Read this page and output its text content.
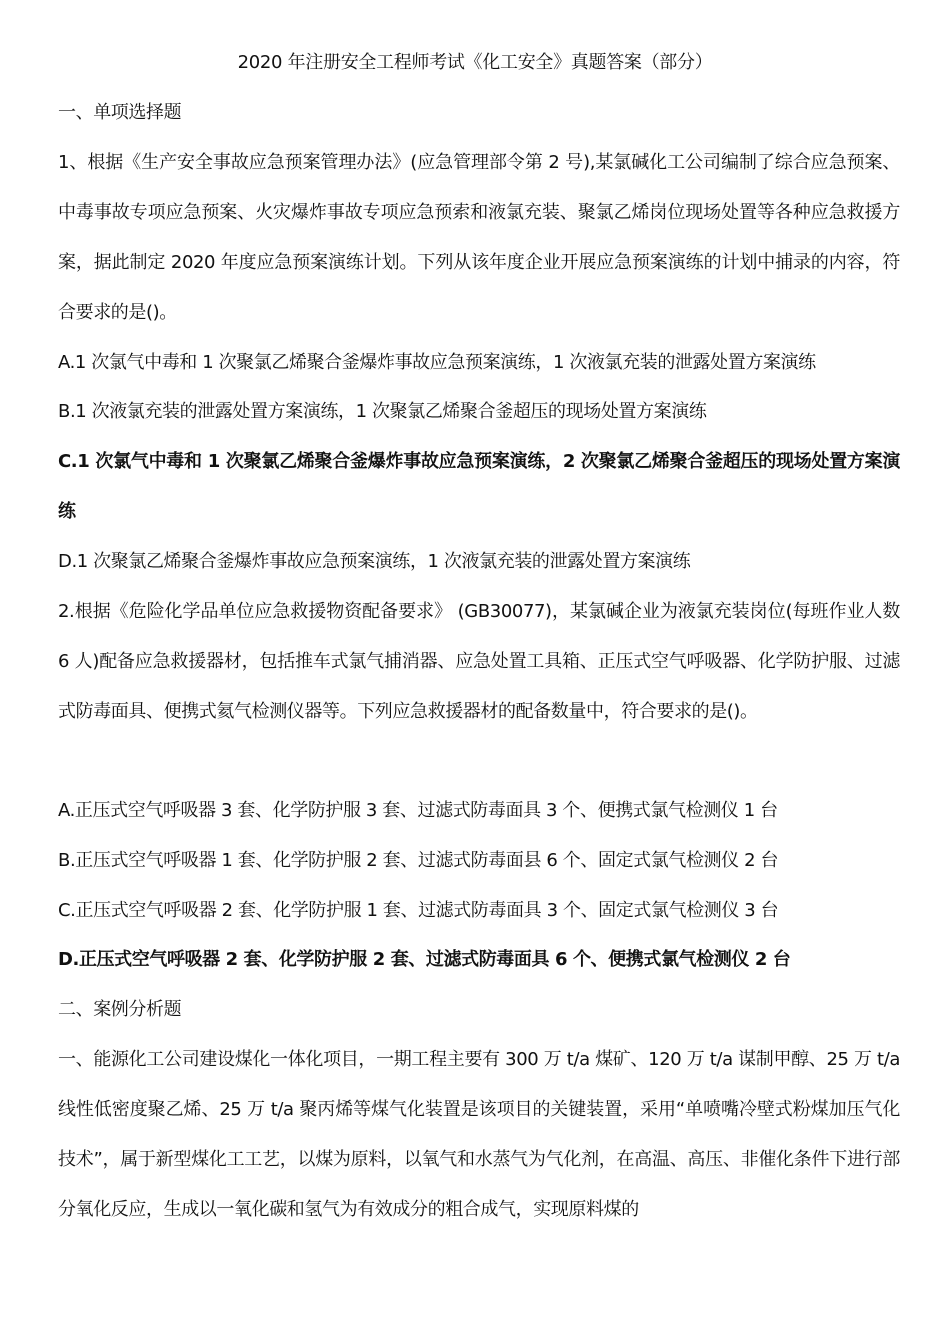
2020 年注册安全工程师考试《化工安全》真题答案（部分）

一、单项选择题

1、根据《生产安全事故应急预案管理办法》(应急管理部令第 2 号),某氯碱化工公司编制了综合应急预案、中毒事故专项应急预案、火灾爆炸事故专项应急预索和液氯充装、聚氯乙烯岗位现场处置等各种应急救援方案，据此制定 2020 年度应急预案演练计划。下列从该年度企业开展应急预案演练的计划中捕录的内容，符合要求的是()。

A.1 次氯气中毒和 1 次聚氯乙烯聚合釜爆炸事故应急预案演练，1 次液氯充装的泄露处置方案演练

B.1 次液氯充装的泄露处置方案演练，1 次聚氯乙烯聚合釜超压的现场处置方案演练

C.1 次氯气中毒和 1 次聚氯乙烯聚合釜爆炸事故应急预案演练，2 次聚氯乙烯聚合釜超压的现场处置方案演练

D.1 次聚氯乙烯聚合釜爆炸事故应急预案演练，1 次液氯充装的泄露处置方案演练

2.根据《危险化学品单位应急救援物资配备要求》 (GB30077)，某氯碱企业为液氯充装岗位(每班作业人数 6 人)配备应急救援器材，包括推车式氯气捕消器、应急处置工具箱、正压式空气呼吸器、化学防护服、过滤式防毒面具、便携式氦气检测仪器等。下列应急救援器材的配备数量中，符合要求的是()。

A.正压式空气呼吸器 3 套、化学防护服 3 套、过滤式防毒面具 3 个、便携式氯气检测仪 1 台

B.正压式空气呼吸器 1 套、化学防护服 2 套、过滤式防毒面县 6 个、固定式氯气检测仪 2 台

C.正压式空气呼吸器 2 套、化学防护服 1 套、过滤式防毒面具 3 个、固定式氯气检测仪 3 台

D.正压式空气呼吸器 2 套、化学防护服 2 套、过滤式防毒面具 6 个、便携式氯气检测仪 2 台

二、案例分析题

一、能源化工公司建设煤化一体化项目，一期工程主要有 300 万 t/a 煤矿、120 万 t/a 谋制甲醇、25 万 t/a 线性低密度聚乙烯、25 万 t/a 聚丙烯等煤气化装置是该项目的关键装置，采用“单喷嘴冷壁式粉煤加压气化技术”，属于新型煤化工工艺，以煤为原料，以氧气和水蒸气为气化剂，在高温、高压、非催化条件下进行部分氧化反应，生成以一氧化碳和氢气为有效成分的粗合成气，实现原料煤的
